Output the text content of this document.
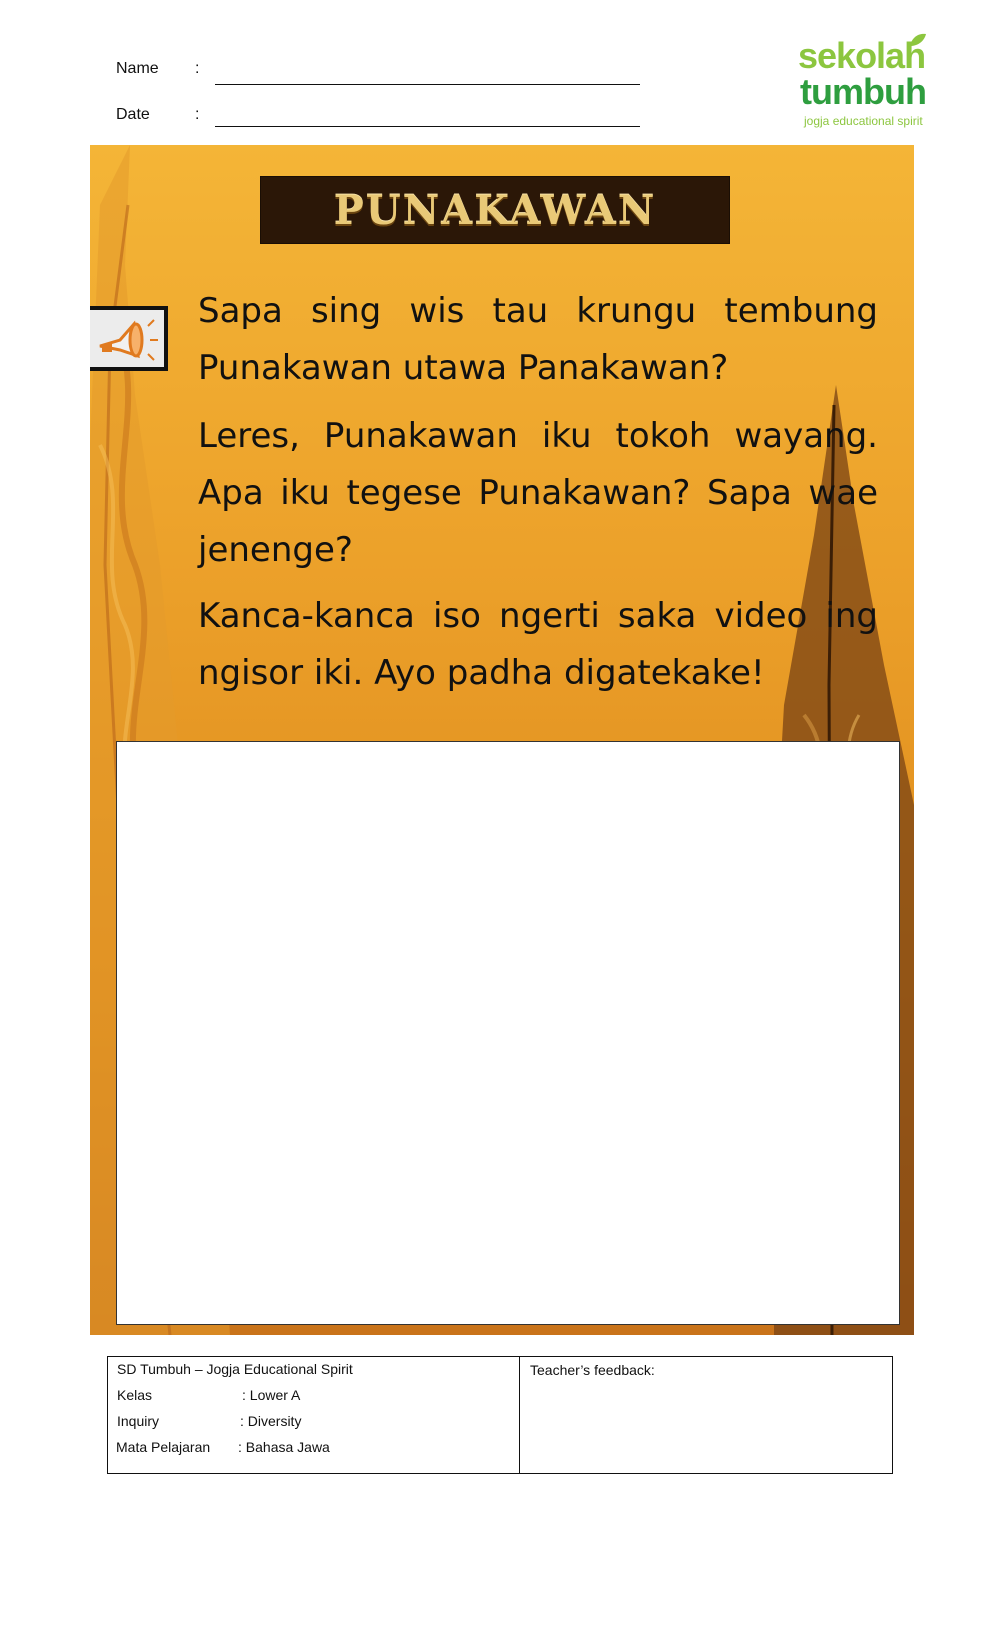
Name :
Date	:
sekolah
tumbuh
jogja educational spirit
PUNAKAWAN

Sapa sing wis tau krungu tembung Punakawan utawa Panakawan?

Leres, Punakawan iku tokoh wayang. Apa iku tegese Punakawan? Sapa wae jenenge?

Kanca-kanca iso ngerti saka video ing ngisor iki. Ayo padha digatekake!

SD Tumbuh – Jogja Educational Spirit
Kelas	: Lower A
Inquiry	: Diversity
Mata Pelajaran : Bahasa Jawa
Teacher’s feedback:
